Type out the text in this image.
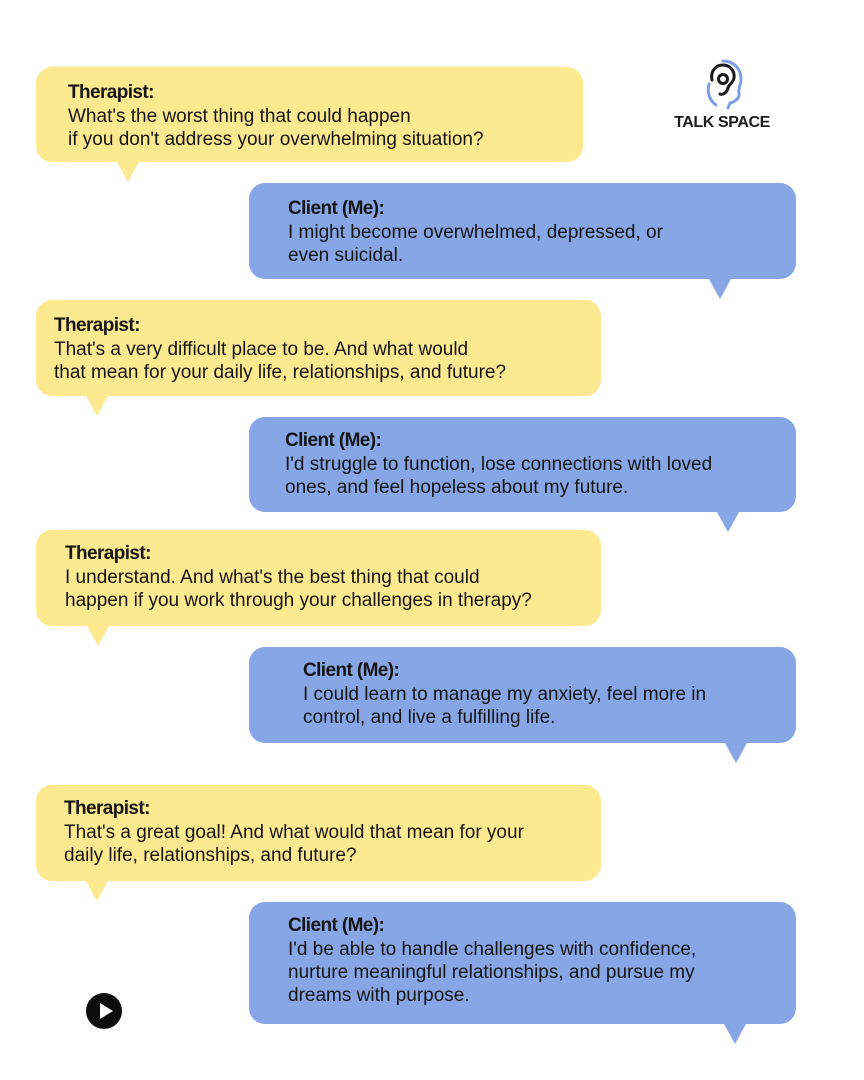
TALK SPACE
Therapist:
What's the worst thing that could happen
if you don't address your overwhelming situation?
Client (Me):
I might become overwhelmed, depressed, or
even suicidal.
Therapist:
That's a very difficult place to be. And what would
that mean for your daily life, relationships, and future?
Client (Me):
I'd struggle to function, lose connections with loved
ones, and feel hopeless about my future.
Therapist:
I understand. And what's the best thing that could
happen if you work through your challenges in therapy?
Client (Me):
I could learn to manage my anxiety, feel more in
control, and live a fulfilling life.
Therapist:
That's a great goal! And what would that mean for your
daily life, relationships, and future?
Client (Me):
I'd be able to handle challenges with confidence,
nurture meaningful relationships, and pursue my
dreams with purpose.
